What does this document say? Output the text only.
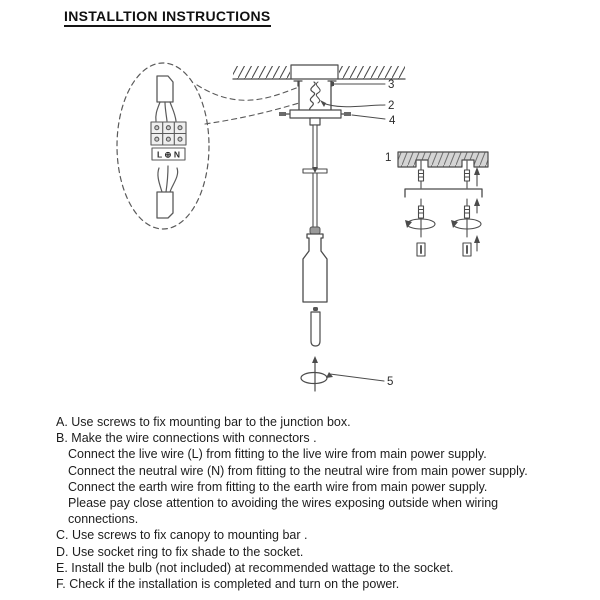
INSTALLTION INSTRUCTIONS
3
2
4
1
5
L ⊕ N
A. Use screws to fix mounting bar to the junction box.
B. Make the wire connections with connectors .
Connect the live wire (L) from fitting to the live wire from main power supply.
Connect the neutral wire (N) from fitting to the neutral wire from main power supply.
Connect the earth wire from fitting to the earth wire from main power supply.
Please pay close attention to avoiding the wires exposing outside when wiring
connections.
C. Use screws to fix canopy to mounting bar .
D. Use socket ring to fix shade to the socket.
E. Install the bulb (not included) at recommended wattage to the socket.
F. Check if the installation is completed and turn on the power.
